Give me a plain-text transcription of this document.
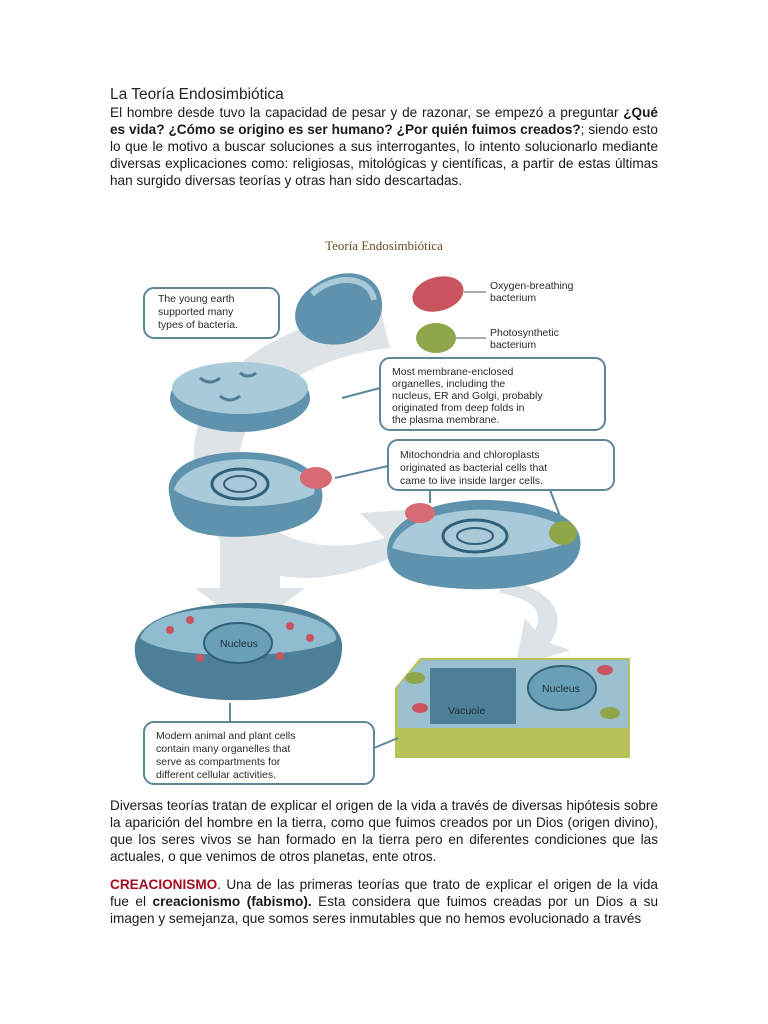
La Teoría Endosimbiótica
El hombre desde tuvo la capacidad de pesar y de razonar, se empezó a preguntar ¿Qué es vida? ¿Cómo se origino es ser humano? ¿Por quién fuimos creados?; siendo esto lo que le motivo a buscar soluciones a sus interrogantes, lo intento solucionarlo mediante diversas explicaciones como: religiosas, mitológicas y científicas, a partir de estas últimas han surgido diversas teorías y otras han sido descartadas.
Teoría Endosimbiótica
The young earth
supported many
types of bacteria.
Oxygen-breathing
bacterium
Photosynthetic
bacterium
Most membrane-enclosed
organelles, including the
nucleus, ER and Golgi, probably
originated from deep folds in
the plasma membrane.
Mitochondria and chloroplasts
originated as bacterial cells that
came to live inside larger cells.
Nucleus
Vacuole
Nucleus
Modern animal and plant cells
contain many organelles that
serve as compartments for
different cellular activities.
Diversas teorías tratan de explicar el origen de la vida a través de diversas hipótesis sobre la aparición del hombre en la tierra, como que fuimos creados por un Dios (origen divino), que los seres vivos se han formado en la tierra pero en diferentes condiciones que las actuales, o que venimos de otros planetas, ente otros.
CREACIONISMO. Una de las primeras teorías que trato de explicar el origen de la vida fue el creacionismo (fabismo). Esta considera que fuimos creadas por un Dios a su imagen y semejanza, que somos seres inmutables que no hemos evolucionado a través
